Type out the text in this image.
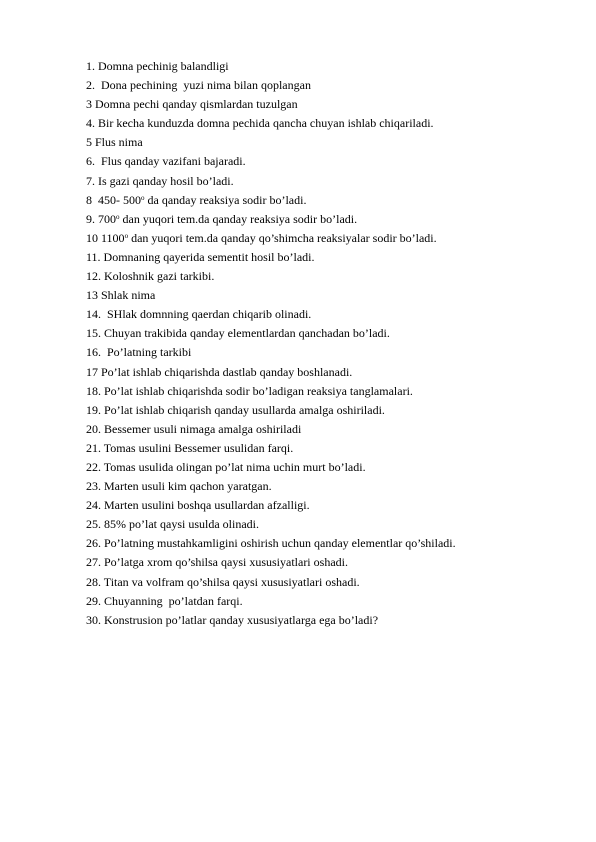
1. Domna pechinig balandligi
2.  Dona pechining  yuzi nima bilan qoplangan
3 Domna pechi qanday qismlardan tuzulgan
4. Bir kecha kunduzda domna pechida qancha chuyan ishlab chiqariladi.
5 Flus nima
6.  Flus qanday vazifani bajaradi.
7. Is gazi qanday hosil bo’ladi.
8  450- 500$^o$ da qanday reaksiya sodir bo’ladi.
9. 700$^o$ dan yuqori tem.da qanday reaksiya sodir bo’ladi.
10 1100$^o$ dan yuqori tem.da qanday qo’shimcha reaksiyalar sodir bo’ladi.
11. Domnaning qayerida sementit hosil bo’ladi.
12. Koloshnik gazi tarkibi.
13 Shlak nima
14.  SHlak domnning qaerdan chiqarib olinadi.
15. Chuyan trakibida qanday elementlardan qanchadan bo’ladi.
16.  Po’latning tarkibi
17 Po’lat ishlab chiqarishda dastlab qanday boshlanadi.
18. Po’lat ishlab chiqarishda sodir bo’ladigan reaksiya tanglamalari.
19. Po’lat ishlab chiqarish qanday usullarda amalga oshiriladi.
20. Bessemer usuli nimaga amalga oshiriladi
21. Tomas usulini Bessemer usulidan farqi.
22. Tomas usulida olingan po’lat nima uchin murt bo’ladi.
23. Marten usuli kim qachon yaratgan.
24. Marten usulini boshqa usullardan afzalligi.
25. 85% po’lat qaysi usulda olinadi.
26. Po’latning mustahkamligini oshirish uchun qanday elementlar qo’shiladi.
27. Po’latga xrom qo’shilsa qaysi xususiyatlari oshadi.
28. Titan va volfram qo’shilsa qaysi xususiyatlari oshadi.
29. Chuyanning  po’latdan farqi.
30. Konstrusion po’latlar qanday xususiyatlarga ega bo’ladi?
